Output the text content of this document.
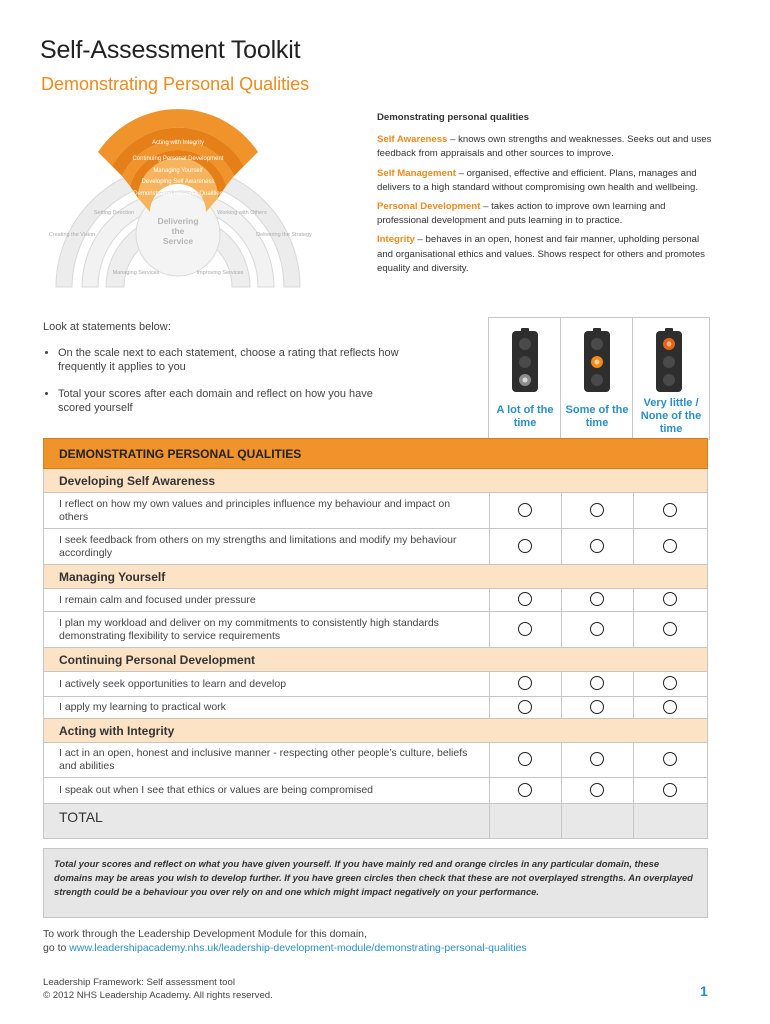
Self-Assessment Toolkit
Demonstrating Personal Qualities
Acting with Integrity
Continuing Personal Development
Managing Yourself
Developing Self Awareness
Demonstrating Personal Qualities
Setting Direction	Working with Others
Managing Services	Improving Services
Creating the Vision	Delivering the Strategy
Delivering
the
Service
Demonstrating personal qualities

Self Awareness – knows own strengths and weaknesses. Seeks out and uses feedback from appraisals and other sources to improve.

Self Management – organised, effective and efficient. Plans, manages and delivers to a high standard without compromising own health and wellbeing.

Personal Development – takes action to improve own learning and professional development and puts learning in to practice.

Integrity – behaves in an open, honest and fair manner, upholding personal and organisational ethics and values. Shows respect for others and promotes equality and diversity.

Look at statements below:
• On the scale next to each statement, choose a rating that reflects how frequently it applies to you
• Total your scores after each domain and reflect on how you have scored yourself	A lot of the
time
Some of the
time
Very little /
None of the
time
DEMONSTRATING PERSONAL QUALITIES
Developing Self Awareness
I reflect on how my own values and principles influence my behaviour and impact on others
I seek feedback from others on my strengths and limitations and modify my behaviour accordingly
Managing Yourself
I remain calm and focused under pressure
I plan my workload and deliver on my commitments to consistently high standards demonstrating flexibility to service requirements
Continuing Personal Development
I actively seek opportunities to learn and develop
I apply my learning to practical work
Acting with Integrity
I act in an open, honest and inclusive manner - respecting other people’s culture, beliefs and abilities
I speak out when I see that ethics or values are being compromised
TOTAL
Total your scores and reflect on what you have given yourself. If you have mainly red and orange circles in any particular domain, these domains may be areas you wish to develop further. If you have green circles then check that these are not overplayed strengths. An overplayed strength could be a behaviour you over rely on and one which might impact negatively on your performance.
To work through the Leadership Development Module for this domain,
go to www.leadershipacademy.nhs.uk/leadership-development-module/demonstrating-personal-qualities
Leadership Framework: Self assessment tool
© 2012 NHS Leadership Academy. All rights reserved.	1
